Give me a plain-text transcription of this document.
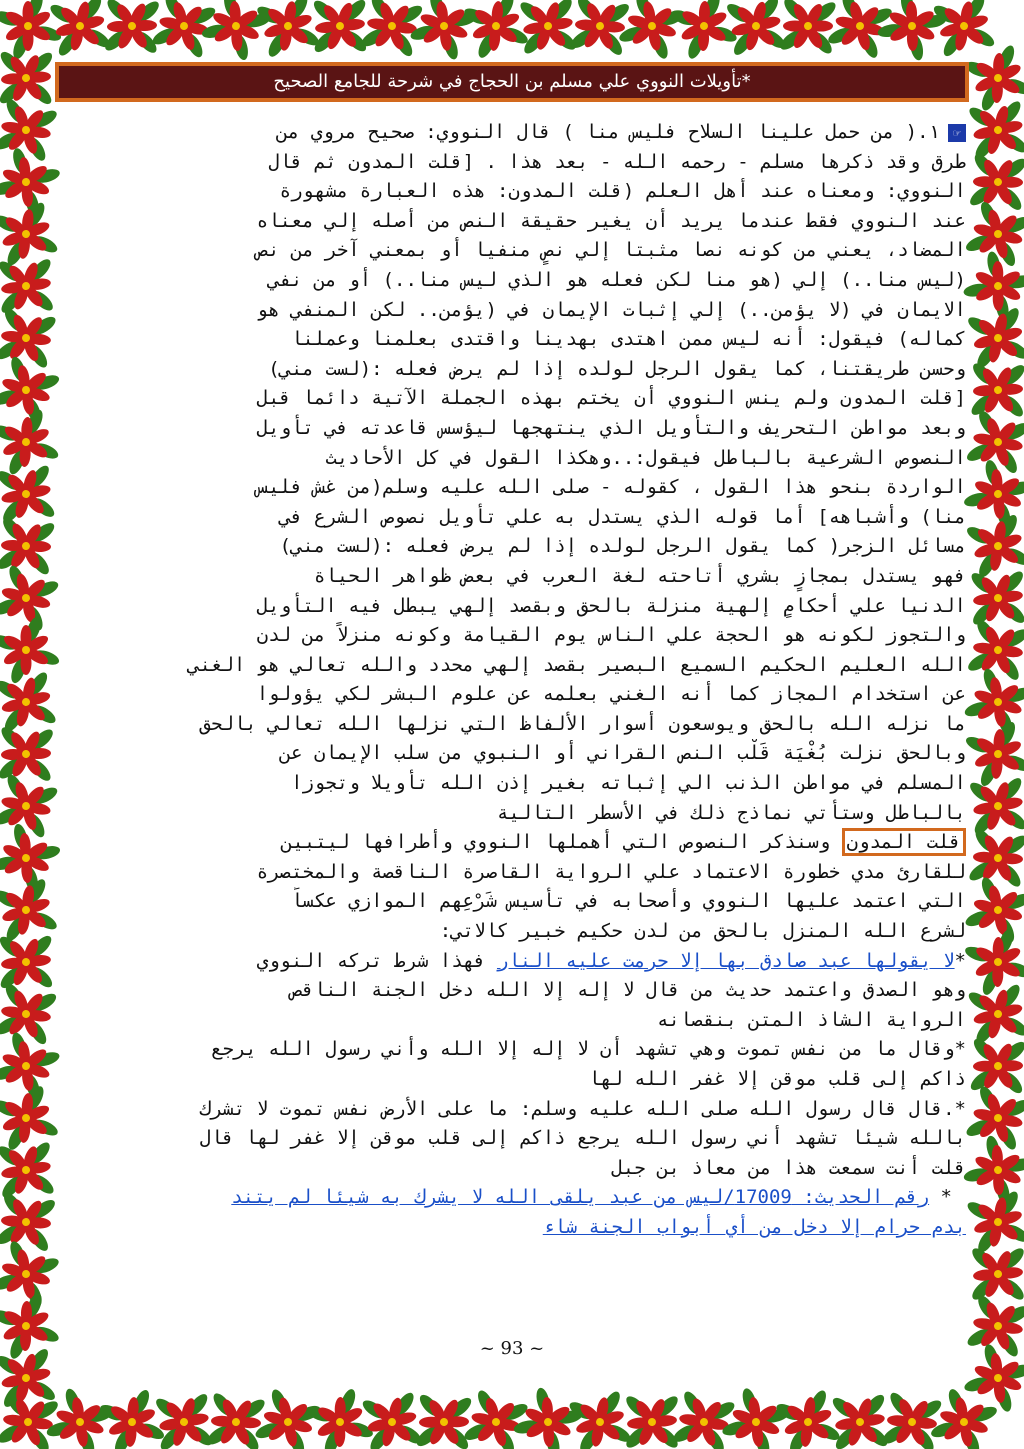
*تأويلات النووي علي مسلم بن الحجاج في شرحة للجامع الصحيح
☞١.( من حمل علينا السلاح فليس منا ) قال النووي: صحيح مروي من
طرق وقد ذكرها مسلم - رحمه الله - بعد هذا . [قلت المدون ثم قال
النووي: ومعناه عند أهل العلم (قلت المدون: هذه العبارة مشهورة
عند النووي فقط عندما يريد أن يغير حقيقة النص من أصله إلي معناه
المضاد، يعني من كونه نصا مثبتا إلي نصٍ منفيا أو بمعني آخر من نص
(ليس منا..) إلي (هو منا لكن فعله هو الذي ليس منا..) أو من نفي
الايمان في (لا يؤمن..) إلي إثبات الإيمان في (يؤمن.. لكن المنفي هو
كماله) فيقول: أنه ليس ممن اهتدى بهدينا واقتدى بعلمنا وعملنا
وحسن طريقتنا، كما يقول الرجل لولده إذا لم يرض فعله :(لست مني)
[قلت المدون ولم ينس النووي أن يختم بهذه الجملة الآتية دائما قبل
وبعد مواطن التحريف والتأويل الذي ينتهجها ليؤسس قاعدته في تأويل
النصوص الشرعية بالباطل فيقول:..وهكذا القول في كل الأحاديث
الواردة بنحو هذا القول ، كقوله - صلى الله عليه وسلم(من غش فليس
منا) وأشباهه] أما قوله الذي يستدل به علي تأويل نصوص الشرع في
مسائل الزجر( كما يقول الرجل لولده إذا لم يرض فعله :(لست مني)
فهو يستدل بمجازٍ بشري أتاحته لغة العرب في بعض ظواهر الحياة
الدنيا علي أحكامٍ إلهية منزلة بالحق وبقصد إلهي يبطل فيه التأويل
والتجوز لكونه هو الحجة علي الناس يوم القيامة وكونه منزلاً من لدن
الله العليم الحكيم السميع البصير بقصد إلهي محدد والله تعالي هو الغني
عن استخدام المجاز كما أنه الغني بعلمه عن علوم البشر لكي يؤولوا
ما نزله الله بالحق ويوسعون أسوار الألفاظ التي نزلها الله تعالي بالحق
وبالحق نزلت بُغْيَة قَلْب النص القراني أو النبوي من سلب الإيمان عن
المسلم في مواطن الذنب الي إثباته بغير إذن الله تأويلا وتجوزا
بالباطل وستأتي نماذج ذلك في الأسطر التالية
قلت المدون وسنذكر النصوص التي أهملها النووي وأطرافها ليتبين
للقارئ مدي خطورة الاعتماد علي الرواية القاصرة الناقصة والمختصرة
التي اعتمد عليها النووي وأصحابه في تأسيس شَرْعِهم الموازي عكساً
لشرع الله المنزل بالحق من لدن حكيم خبير كالاتي:
*لا يقولها عبد صادق بها إلا حرمت عليه النار فهذا شرط تركه النووي
وهو الصدق واعتمد حديث من قال لا إله إلا الله دخل الجنة الناقص
الرواية الشاذ المتن بنقصانه
*وقال ما من نفس تموت وهي تشهد أن لا إله إلا الله وأني رسول الله يرجع
ذاكم إلى قلب موقن إلا غفر الله لها
*.قال قال رسول الله صلى الله عليه وسلم: ما على الأرض نفس تموت لا تشرك
بالله شيئا تشهد أني رسول الله يرجع ذاكم إلى قلب موقن إلا غفر لها قال
قلت أنت سمعت هذا من معاذ بن جبل
* رقم الحديث: 17009/ليس من عبد يلقى الله لا يشرك به شيئا لم يتند
بدم حرام إلا دخل من أي أبواب الجنة شاء
~ 93 ~
